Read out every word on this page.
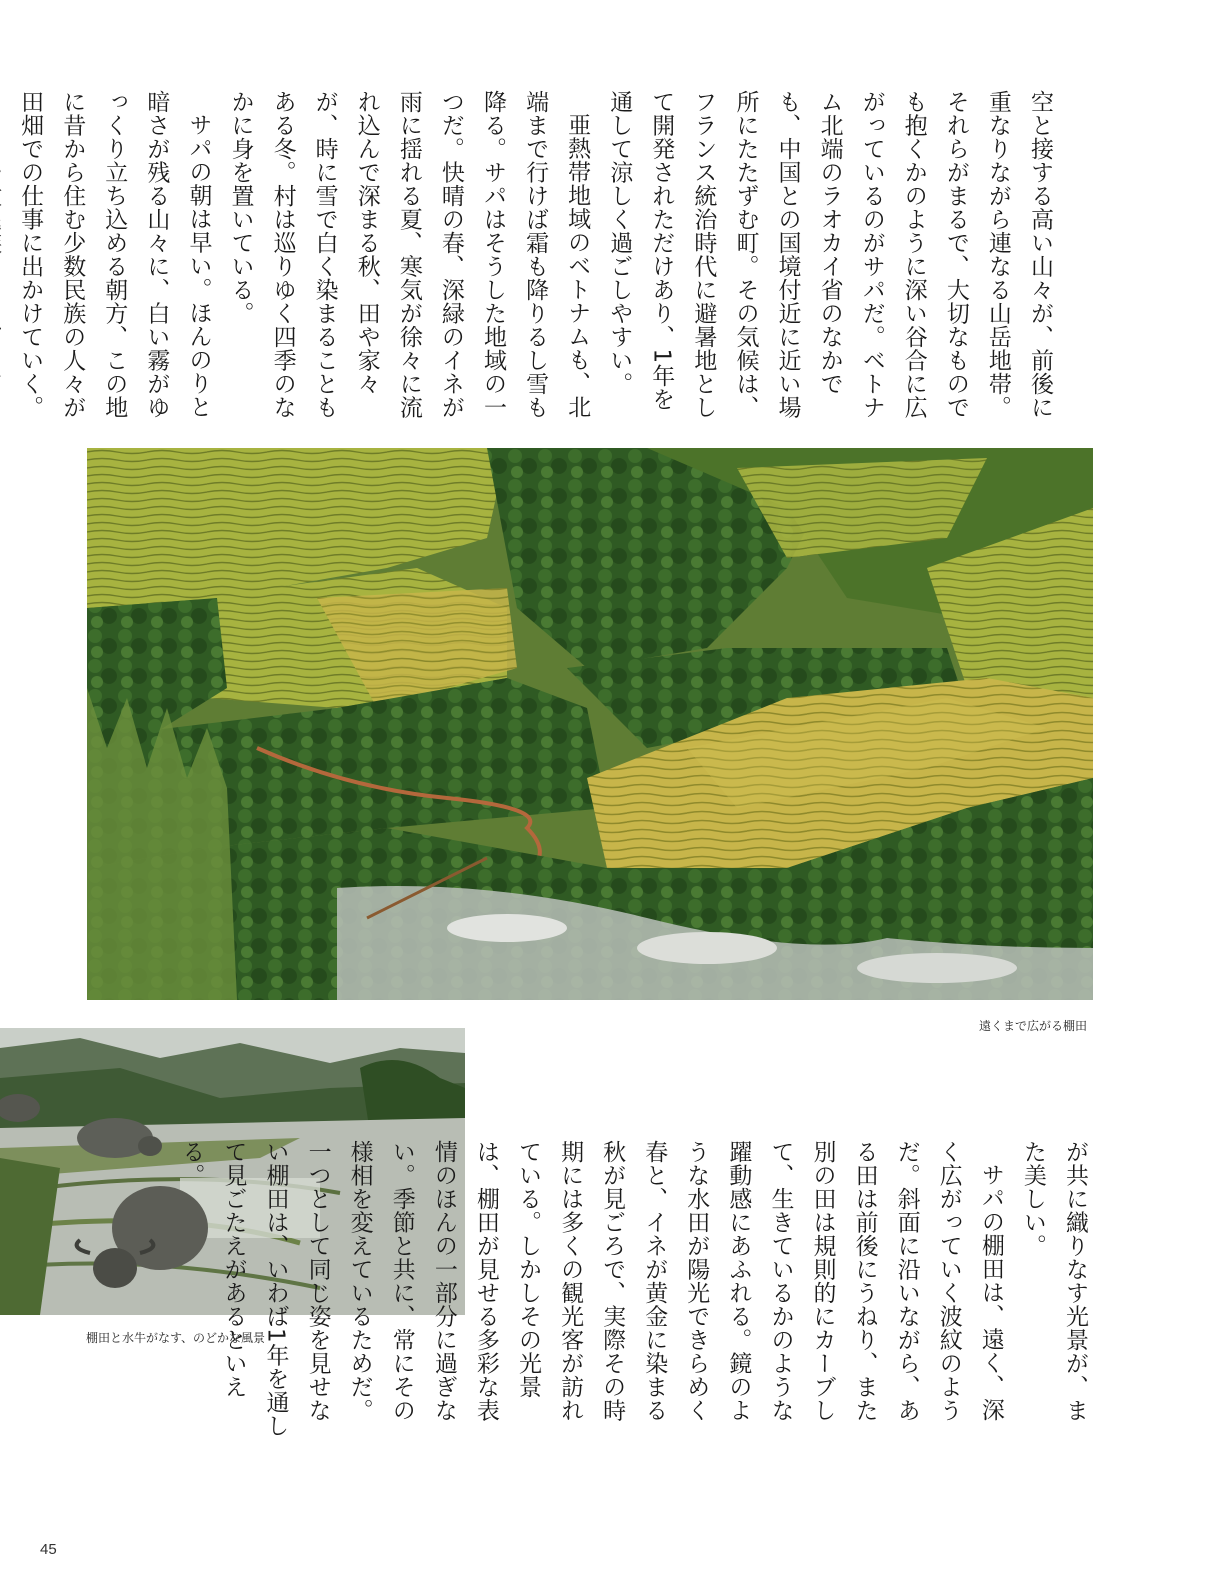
空と接する高い山々が、前後に重なりながら連なる山岳地帯。それらがまるで、大切なものでも抱くかのように深い谷合に広がっているのがサパだ。ベトナム北端のラオカイ省のなかでも、中国との国境付近に近い場所にたたずむ町。その気候は、フランス統治時代に避暑地として開発されただけあり、1年を通して涼しく過ごしやすい。

亜熱帯地域のベトナムも、北端まで行けば霜も降りるし雪も降る。サパはそうした地域の一つだ。快晴の春、深緑のイネが雨に揺れる夏、寒気が徐々に流れ込んで深まる秋、田や家々が、時に雪で白く染まることもある冬。村は巡りゆく四季のなかに身を置いている。

サパの朝は早い。ほんのりと暗さが残る山々に、白い霧がゆっくり立ち込める朝方、この地に昔から住む少数民族の人々が田畑での仕事に出かけていく。

遠くまで広がる棚田
棚田と水牛がなす、のどかな風景	が共に織りなす光景が、また美しい。

サパの棚田は、遠く、深く広がっていく波紋のようだ。斜面に沿いながら、ある田は前後にうねり、また別の田は規則的にカーブして、生きているかのような躍動感にあふれる。鏡のような水田が陽光できらめく春と、イネが黄金に染まる秋が見ごろで、実際その時期には多くの観光客が訪れている。しかしその光景は、棚田が見せる多彩な表情のほんの一部分に過ぎない。季節と共に、常にその様相を変えているためだ。一つとして同じ姿を見せない棚田は、いわば1年を通して見ごたえがあるといえる。

45
